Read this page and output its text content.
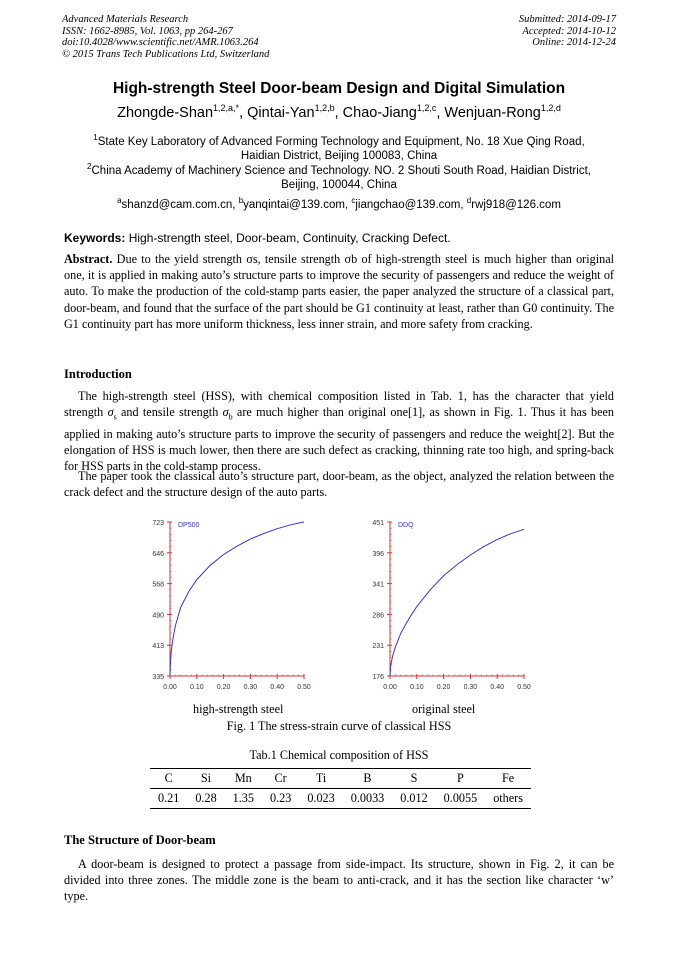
Advanced Materials Research
ISSN: 1662-8985, Vol. 1063, pp 264-267
doi:10.4028/www.scientific.net/AMR.1063.264
© 2015 Trans Tech Publications Ltd, Switzerland
Submitted: 2014-09-17
Accepted: 2014-10-12
Online: 2014-12-24
High-strength Steel Door-beam Design and Digital Simulation
Zhongde-Shan$^{1,2,a,*}$, Qintai-Yan$^{1,2,b}$, Chao-Jiang$^{1,2,c}$, Wenjuan-Rong$^{1,2,d}$
$^1$State Key Laboratory of Advanced Forming Technology and Equipment, No. 18 Xue Qing Road,
Haidian District, Beijing 100083, China
$^2$China Academy of Machinery Science and Technology. NO. 2 Shouti South Road, Haidian District,
Beijing, 100044, China
$^a$shanzd@cam.com.cn, $^b$yanqintai@139.com, $^c$jiangchao@139.com, $^d$rwj918@126.com
Keywords: High-strength steel, Door-beam, Continuity, Cracking Defect.
Abstract. Due to the yield strength σs, tensile strength σb of high-strength steel is much higher than original one, it is applied in making auto’s structure parts to improve the security of passengers and reduce the weight of auto. To make the production of the cold-stamp parts easier, the paper analyzed the structure of a classical part, door-beam, and found that the surface of the part should be G1 continuity at least, rather than G0 continuity. The G1 continuity part has more uniform thickness, less inner strain, and more safety from cracking.
Introduction
The high-strength steel (HSS), with chemical composition listed in Tab. 1, has the character that yield strength $\sigma_s$ and tensile strength $\sigma_b$ are much higher than original one[1], as shown in Fig. 1. Thus it has been applied in making auto’s structure parts to improve the security of passengers and reduce the weight[2]. But the elongation of HSS is much lower, then there are such defect as cracking, thinning rate too high, and spring-back for HSS parts in the cold-stamp process.
The paper took the classical auto’s structure part, door-beam, as the object, analyzed the relation between the crack defect and the structure design of the auto parts.
335
413
490
568
646
723
0.00 0.10 0.20 0.30 0.40 0.50
DP500
176
231
286
341
396
451
0.00 0.10 0.20 0.30 0.40 0.50
DDQ
high-strength steel	original steel
Fig. 1 The stress-strain curve of classical HSS
Tab.1 Chemical composition of HSS
C	Si	Mn	Cr	Ti	B	S	P	Fe
0.21	0.28	1.35	0.23	0.023	0.0033	0.012	0.0055	others
The Structure of Door-beam
A door-beam is designed to protect a passage from side-impact. Its structure, shown in Fig. 2, it can be divided into three zones. The middle zone is the beam to anti-crack, and it has the section like character ‘w’ type.
